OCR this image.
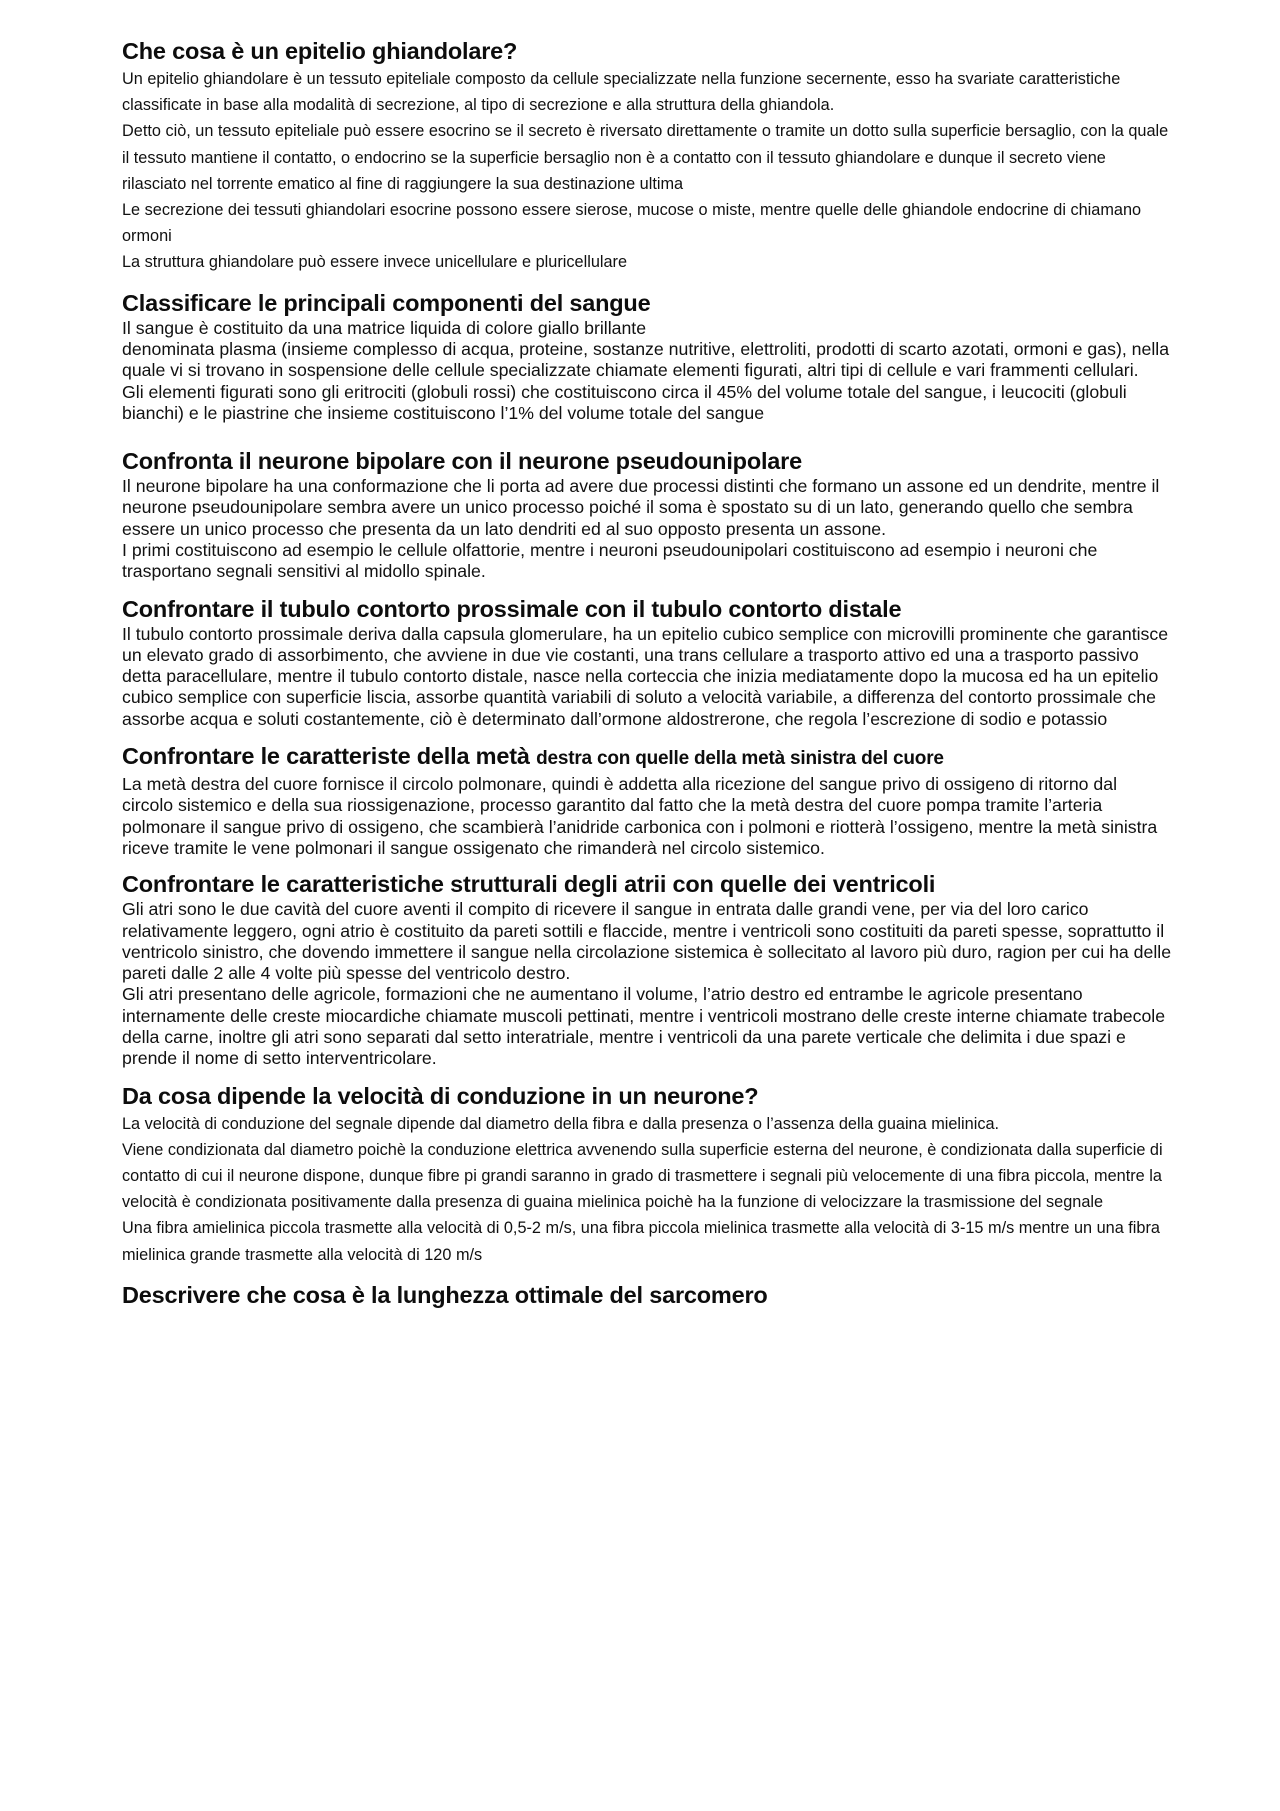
Che cosa è un epitelio ghiandolare?

Un epitelio ghiandolare è un tessuto epiteliale composto da cellule specializzate nella funzione secernente, esso ha svariate caratteristiche classificate in base alla modalità di secrezione, al tipo di secrezione e alla struttura della ghiandola.

Detto ciò, un tessuto epiteliale può essere esocrino se il secreto è riversato direttamente o tramite un dotto sulla superficie bersaglio, con la quale il tessuto mantiene il contatto, o endocrino se la superficie bersaglio non è a contatto con il tessuto ghiandolare e dunque il secreto viene rilasciato nel torrente ematico al fine di raggiungere la sua destinazione ultima

Le secrezione dei tessuti ghiandolari esocrine possono essere sierose, mucose o miste, mentre quelle delle ghiandole endocrine di chiamano ormoni

La struttura ghiandolare può essere invece unicellulare e pluricellulare

Classificare le principali componenti del sangue

Il sangue è costituito da una matrice liquida di colore giallo brillante

denominata plasma (insieme complesso di acqua, proteine, sostanze nutritive, elettroliti, prodotti di scarto azotati, ormoni e gas), nella quale vi si trovano in sospensione delle cellule specializzate chiamate elementi figurati, altri tipi di cellule e vari frammenti cellulari.

Gli elementi figurati sono gli eritrociti (globuli rossi) che costituiscono circa il 45% del volume totale del sangue, i leucociti (globuli bianchi) e le piastrine che insieme costituiscono l’1% del volume totale del sangue

Confronta il neurone bipolare con il neurone pseudounipolare

Il neurone bipolare ha una conformazione che li porta ad avere due processi distinti che formano un assone ed un dendrite, mentre il neurone pseudounipolare sembra avere un unico processo poiché il soma è spostato su di un lato, generando quello che sembra essere un unico processo che presenta da un lato dendriti ed al suo opposto presenta un assone.

I primi costituiscono ad esempio le cellule olfattorie, mentre i neuroni pseudounipolari costituiscono ad esempio i neuroni che trasportano segnali sensitivi al midollo spinale.

Confrontare il tubulo contorto prossimale con il tubulo contorto distale

Il tubulo contorto prossimale deriva dalla capsula glomerulare, ha un epitelio cubico semplice con microvilli prominente che garantisce un elevato grado di assorbimento, che avviene in due vie costanti, una trans cellulare a trasporto attivo ed una a trasporto passivo detta paracellulare, mentre il tubulo contorto distale, nasce nella corteccia che inizia mediatamente dopo la mucosa ed ha un epitelio cubico semplice con superficie liscia, assorbe quantità variabili di soluto a velocità variabile, a differenza del contorto prossimale che assorbe acqua e soluti costantemente, ciò è determinato dall’ormone aldostrerone, che regola l’escrezione di sodio e potassio

Confrontare le caratteriste della metà destra con quelle della metà sinistra del cuore

La metà destra del cuore fornisce il circolo polmonare, quindi è addetta alla ricezione del sangue privo di ossigeno di ritorno dal circolo sistemico e della sua riossigenazione, processo garantito dal fatto che la metà destra del cuore pompa tramite l’arteria polmonare il sangue privo di ossigeno, che scambierà l’anidride carbonica con i polmoni e riotterà l’ossigeno, mentre la metà sinistra riceve tramite le vene polmonari il sangue ossigenato che rimanderà nel circolo sistemico.

Confrontare le caratteristiche strutturali degli atrii con quelle dei ventricoli

Gli atri sono le due cavità del cuore aventi il compito di ricevere il sangue in entrata dalle grandi vene, per via del loro carico relativamente leggero, ogni atrio è costituito da pareti sottili e flaccide, mentre i ventricoli sono costituiti da pareti spesse, soprattutto il ventricolo sinistro, che dovendo immettere il sangue nella circolazione sistemica è sollecitato al lavoro più duro, ragion per cui ha delle pareti dalle 2 alle 4 volte più spesse del ventricolo destro.

Gli atri presentano delle agricole, formazioni che ne aumentano il volume, l’atrio destro ed entrambe le agricole presentano internamente delle creste miocardiche chiamate muscoli pettinati, mentre i ventricoli mostrano delle creste interne chiamate trabecole della carne, inoltre gli atri sono separati dal setto interatriale, mentre i ventricoli da una parete verticale che delimita i due spazi e prende il nome di setto interventricolare.

Da cosa dipende la velocità di conduzione in un neurone?

La velocità di conduzione del segnale dipende dal diametro della fibra e dalla presenza o l’assenza della guaina mielinica.

Viene condizionata dal diametro poichè la conduzione elettrica avvenendo sulla superficie esterna del neurone, è condizionata dalla superficie di contatto di cui il neurone dispone, dunque fibre pi grandi saranno in grado di trasmettere i segnali più velocemente di una fibra piccola, mentre la velocità è condizionata positivamente dalla presenza di guaina mielinica poichè ha la funzione di velocizzare la trasmissione del segnale

Una fibra amielinica piccola trasmette alla velocità di 0,5-2 m/s, una fibra piccola mielinica trasmette alla velocità di 3-15 m/s mentre un una fibra mielinica grande trasmette alla velocità di 120 m/s

Descrivere che cosa è la lunghezza ottimale del sarcomero
